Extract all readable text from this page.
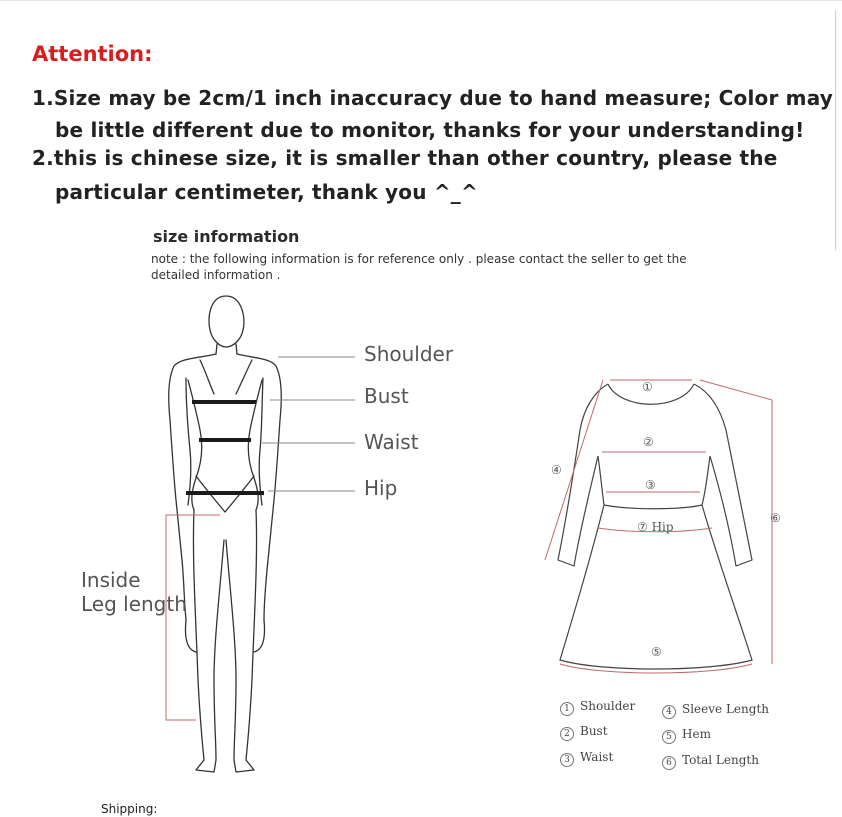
Attention:
1.Size may be 2cm/1 inch inaccuracy due to hand measure; Color may
be little different due to monitor, thanks for your understanding!
2.this is chinese size, it is smaller than other country, please the
particular centimeter, thank you ^_^
size information
note : the following information is for reference only . please contact the seller to get the detailed information .
①
②
③
④
⑤
⑥
⑦ Hip
Shoulder
Bust
Waist
Hip
Inside
Leg length
1 Shoulder
2 Bust
3 Waist
4 Sleeve Length
5 Hem
6 Total Length
Shipping:
